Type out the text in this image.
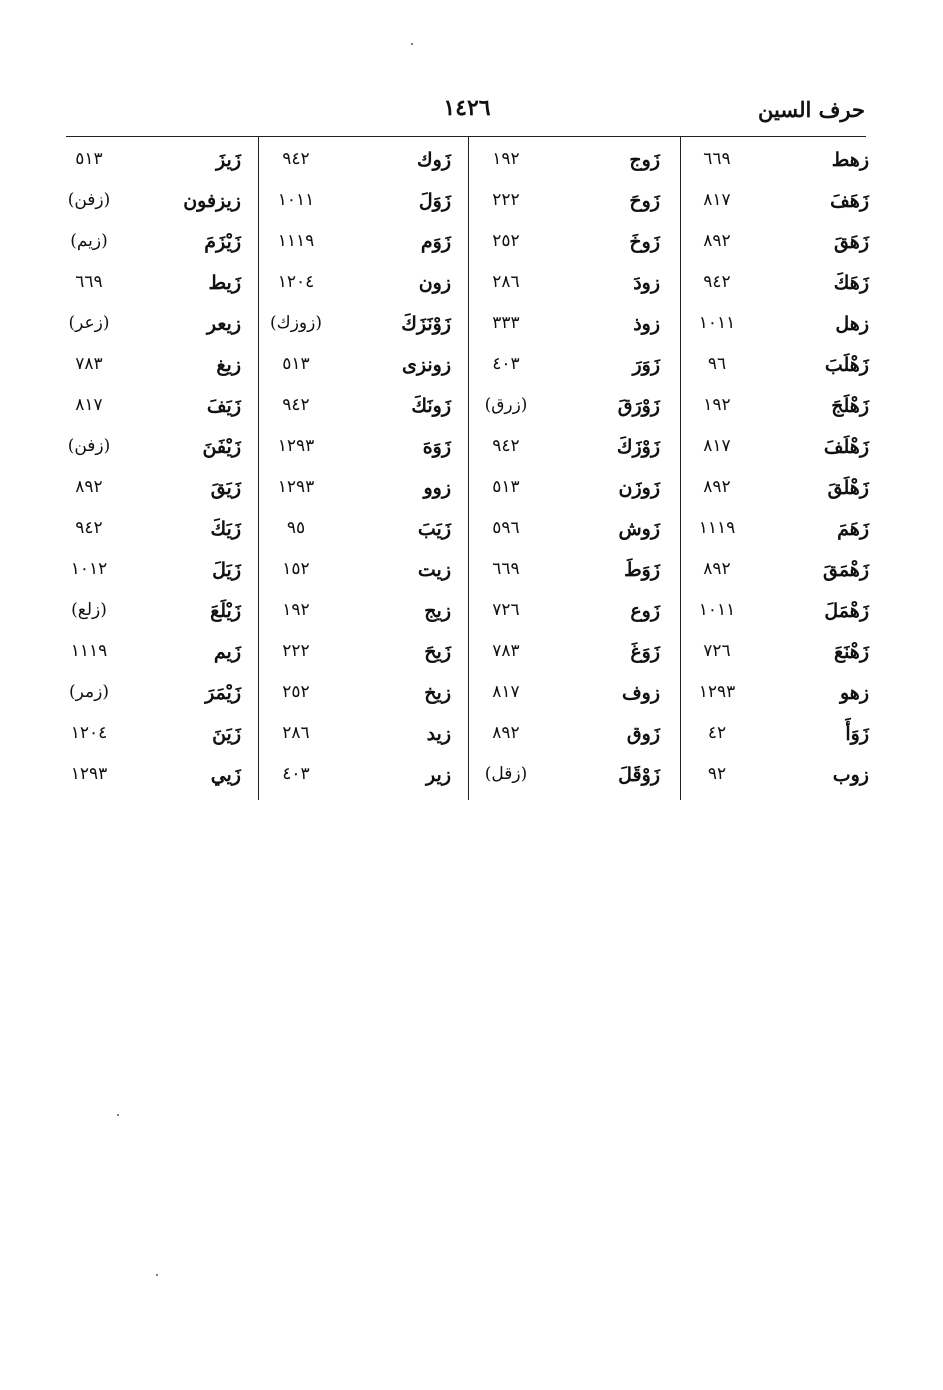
حرف السين
١٤٢٦
زهط
٦٦٩
زَهَفَ
٨١٧
زَهَقَ
٨٩٢
زَهَكَ
٩٤٢
زهل
١٠١١
زَهْلَبَ
٩٦
زَهْلَجَ
١٩٢
زَهْلَفَ
٨١٧
زَهْلَقَ
٨٩٢
زَهَمَ
١١١٩
زَهْمَقَ
٨٩٢
زَهْمَلَ
١٠١١
زَهْنَعَ
٧٢٦
زهو
١٢٩٣
زَوَأَ
٤٢
زوب
٩٢
زَوج
١٩٢
زَوحَ
٢٢٢
زَوخَ
٢٥٢
زودَ
٢٨٦
زوذ
٣٣٣
زَوَرَ
٤٠٣
زَوْرَقَ
(زرق)
زَوْزَكَ
٩٤٢
زَوزَن
٥١٣
زَوش
٥٩٦
زَوَطَ
٦٦٩
زَوع
٧٢٦
زَوَغَ
٧٨٣
زوف
٨١٧
زَوق
٨٩٢
زَوْقَلَ
(زقل)
زَوك
٩٤٢
زَوَلَ
١٠١١
زَوَم
١١١٩
زون
١٢٠٤
زَوْنَزَكَ
(زوزك)
زونزى
٥١٣
زَونَكَ
٩٤٢
زَوَهَ
١٢٩٣
زوو
١٢٩٣
زَيَبَ
٩٥
زيت
١٥٢
زيج
١٩٢
زَيحَ
٢٢٢
زيخ
٢٥٢
زيد
٢٨٦
زير
٤٠٣
زَيزَ
٥١٣
زيزفون
(زفن)
زَيْزَمَ
(زيم)
زَيط
٦٦٩
زيعر
(زعر)
زيغ
٧٨٣
زَيَفَ
٨١٧
زَيْفَنَ
(زفن)
زَيَقَ
٨٩٢
زَيَكَ
٩٤٢
زَيَلَ
١٠١٢
زَيْلَعَ
(زلع)
زَيم
١١١٩
زَيْمَرَ
(زمر)
زَيَنَ
١٢٠٤
زَيي
١٢٩٣
